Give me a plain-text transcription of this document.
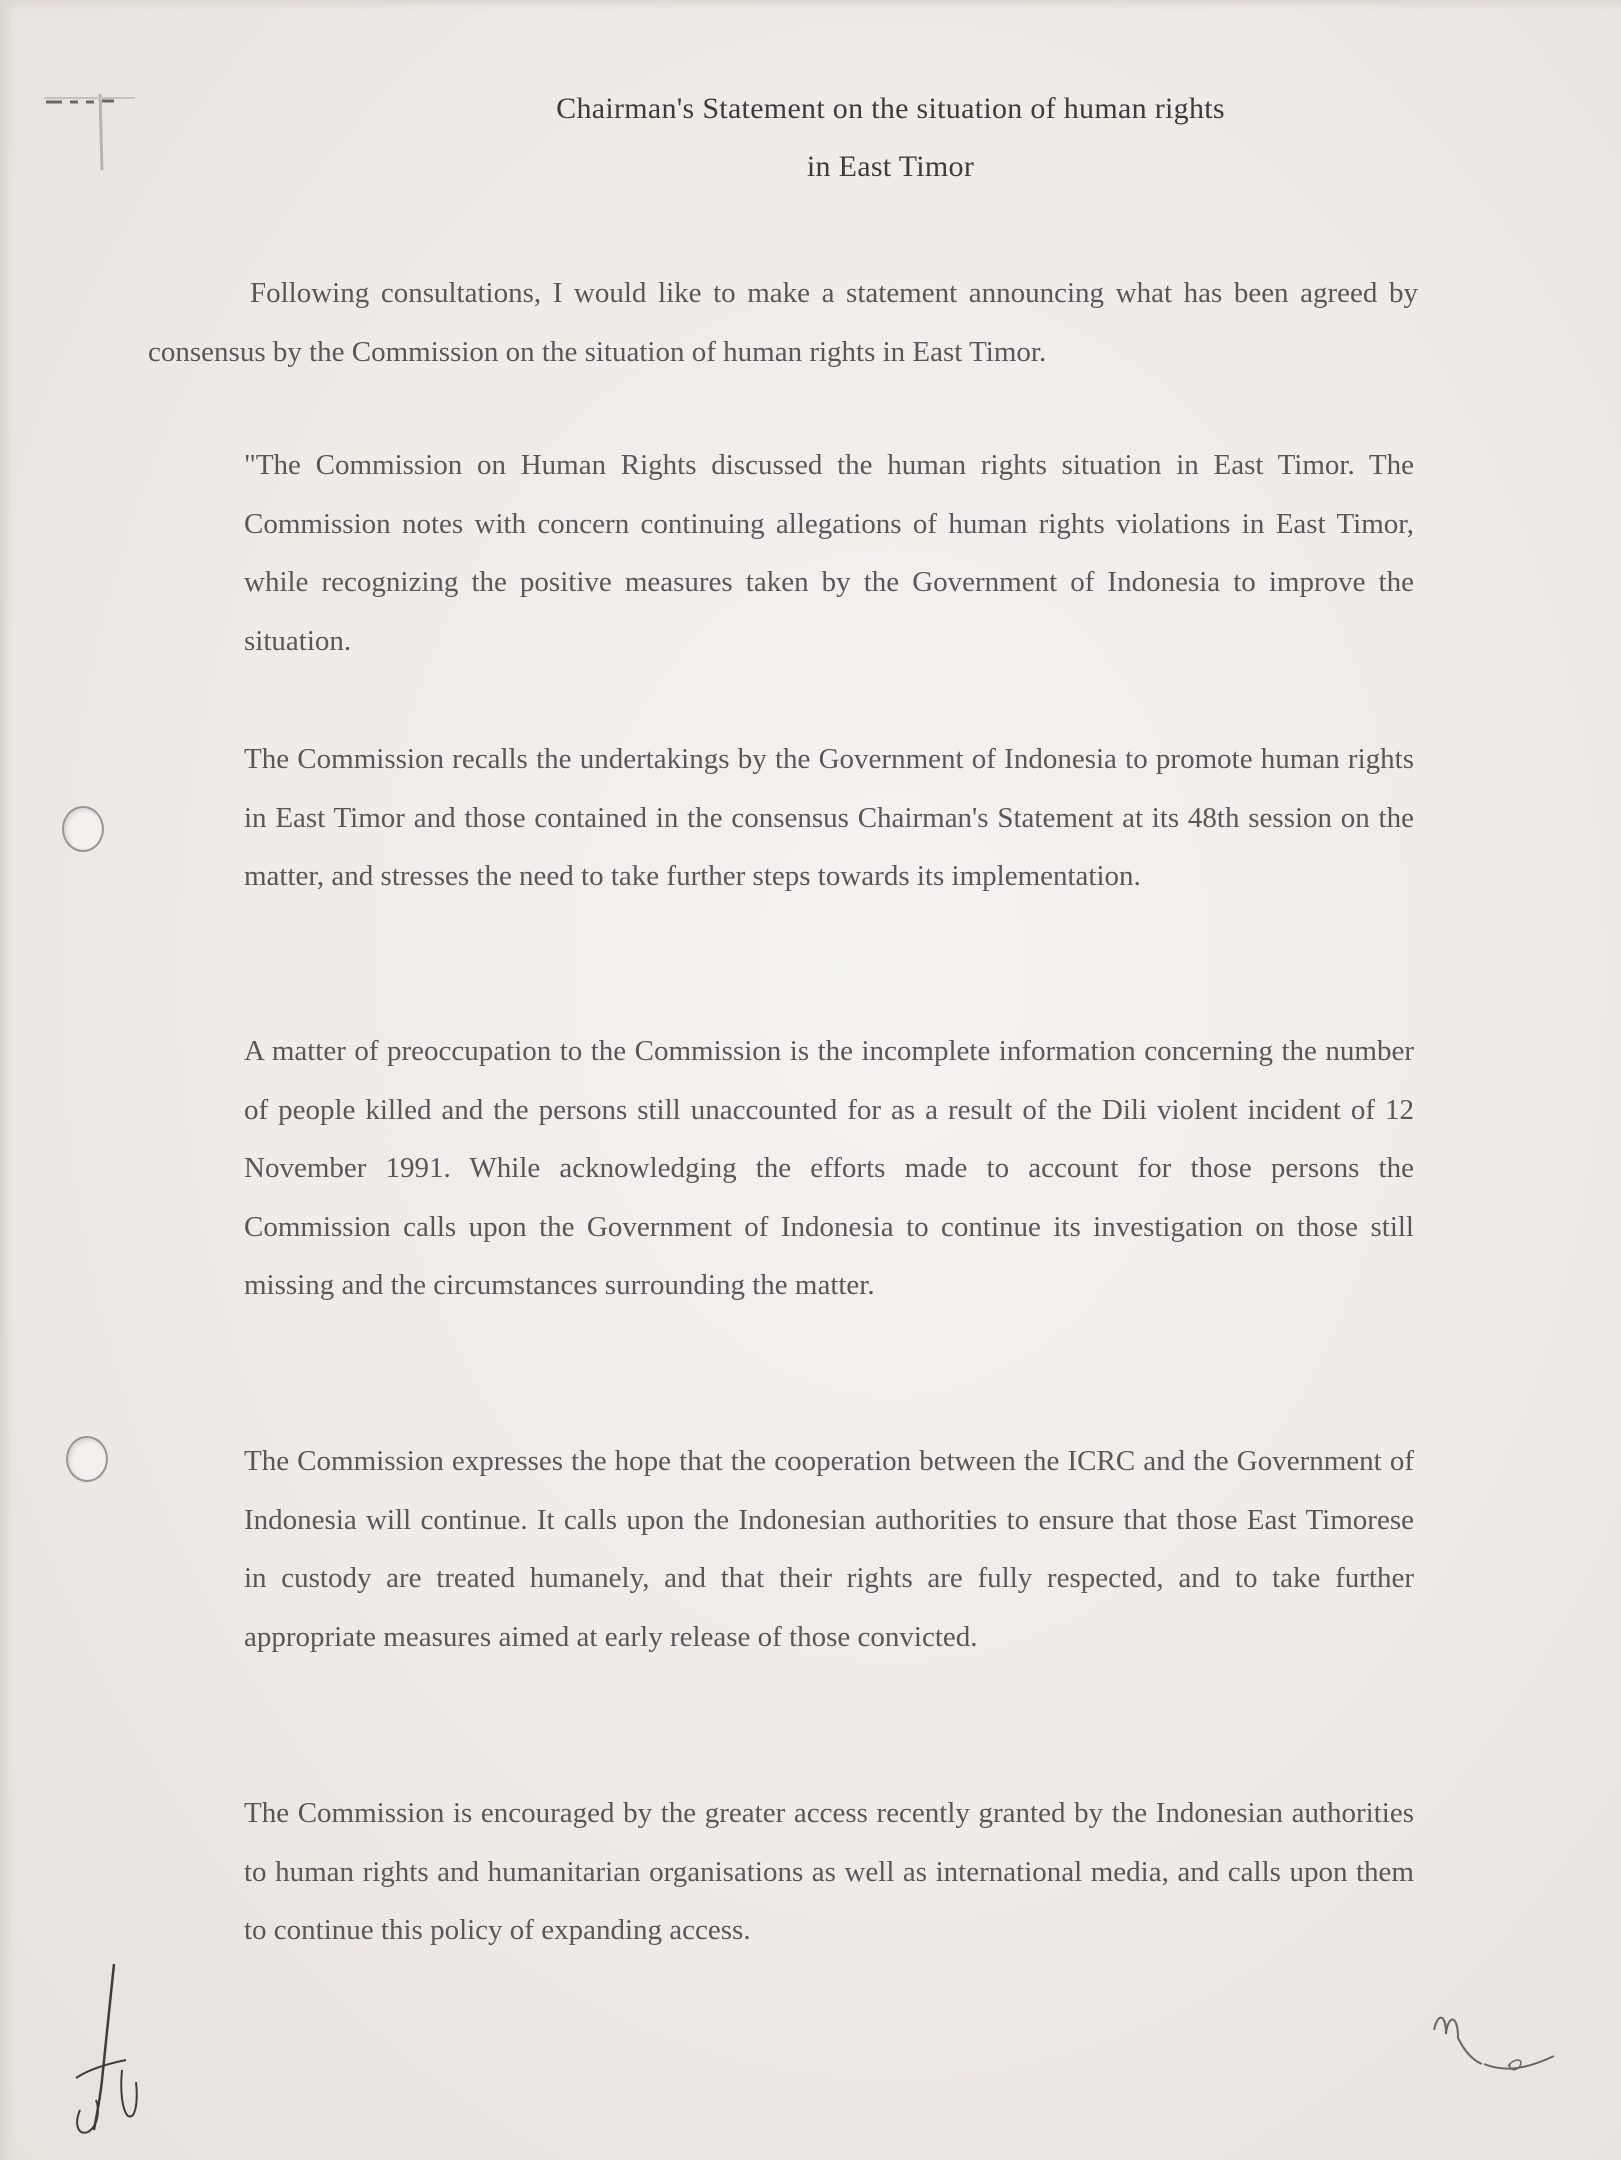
Chairman's Statement on the situation of human rights
in East Timor
Following consultations, I would like to make a statement announcing what has been agreed by consensus by the Commission on the situation of human rights in East Timor.
"The Commission on Human Rights discussed the human rights situation in East Timor. The Commission notes with concern continuing allegations of human rights violations in East Timor, while recognizing the positive measures taken by the Government of Indonesia to improve the situation.
The Commission recalls the undertakings by the Government of Indonesia to promote human rights in East Timor and those contained in the consensus Chairman's Statement at its 48th session on the matter, and stresses the need to take further steps towards its implementation.
A matter of preoccupation to the Commission is the incomplete information concerning the number of people killed and the persons still unaccounted for as a result of the Dili violent incident of 12 November 1991. While acknowledging the efforts made to account for those persons the Commission calls upon the Government of Indonesia to continue its investigation on those still missing and the circumstances surrounding the matter.
The Commission expresses the hope that the cooperation between the ICRC and the Government of Indonesia will continue. It calls upon the Indonesian authorities to ensure that those East Timorese in custody are treated humanely, and that their rights are fully respected, and to take further appropriate measures aimed at early release of those convicted.
The Commission is encouraged by the greater access recently granted by the Indonesian authorities to human rights and humanitarian organisations as well as international media, and calls upon them to continue this policy of expanding access.
